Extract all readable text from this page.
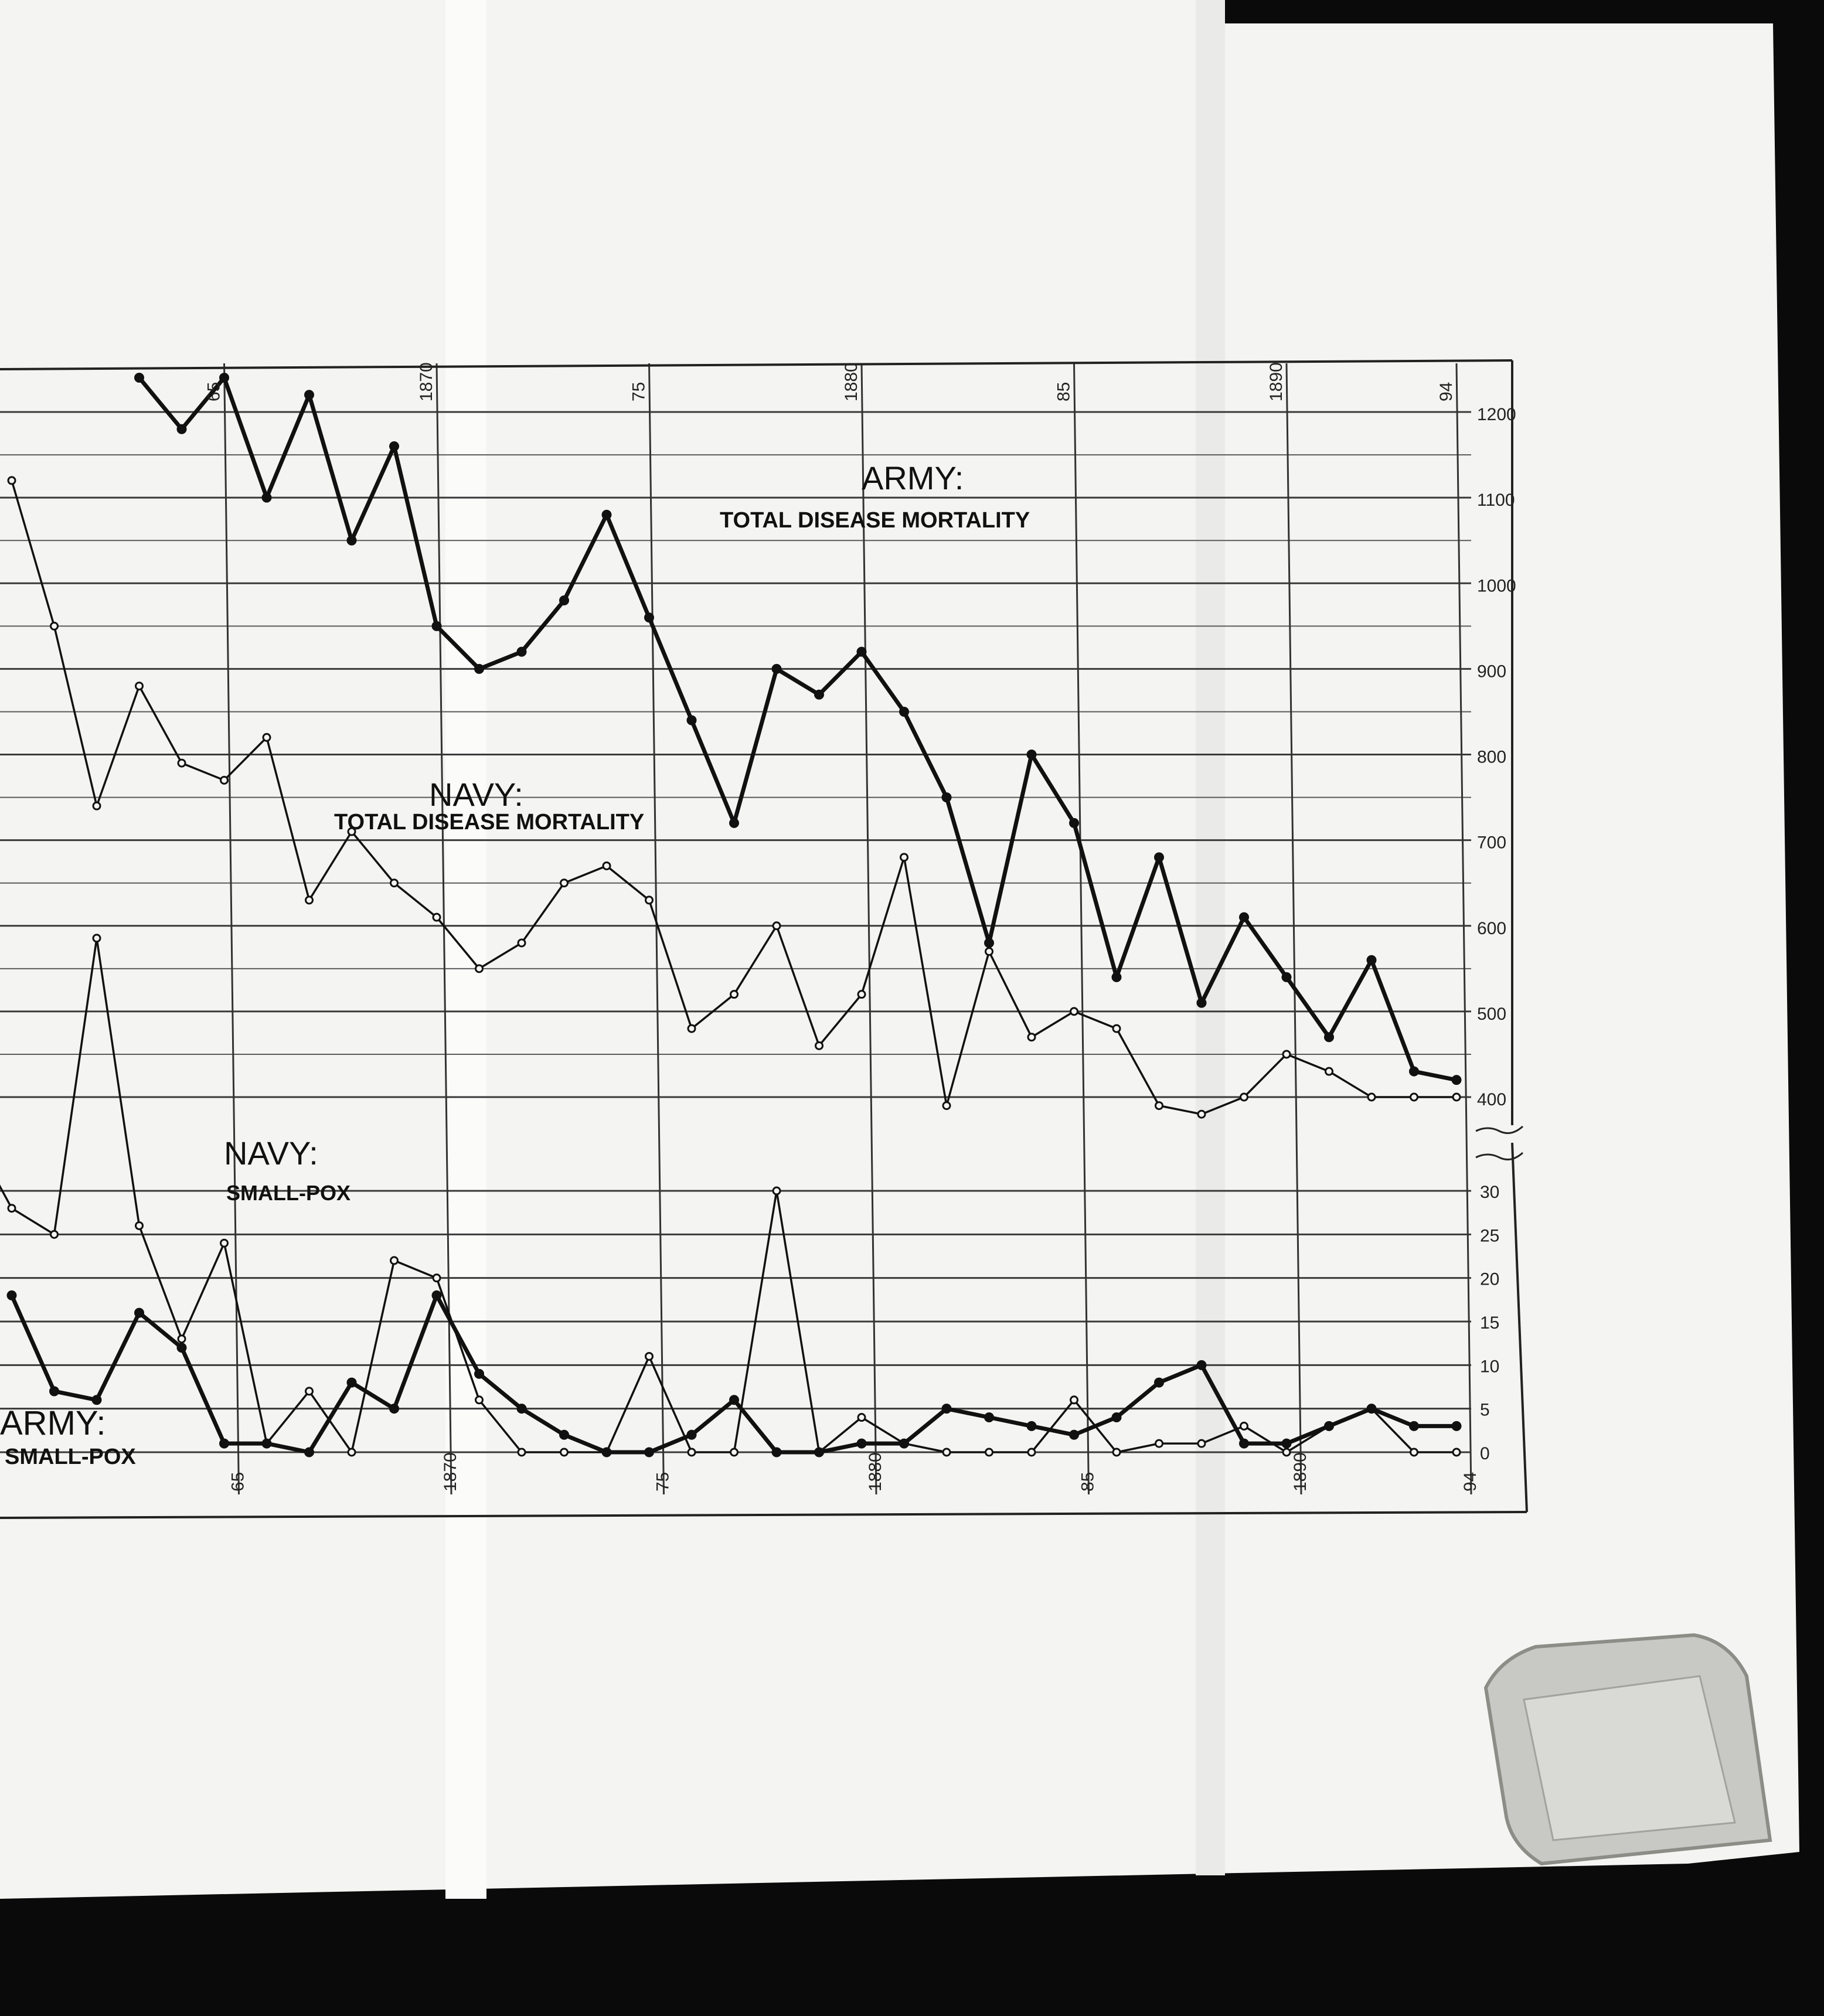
1200
1100
1000
900
800
700
600
500
400
30
25
20
15
10
5
0
65	1870	75	1880	85	1890	94
65	1870	75	1880	85	1890	94
ARMY:
TOTAL DISEASE MORTALITY
NAVY:
TOTAL DISEASE MORTALITY
NAVY:
SMALL-POX
ARMY:
SMALL-POX
